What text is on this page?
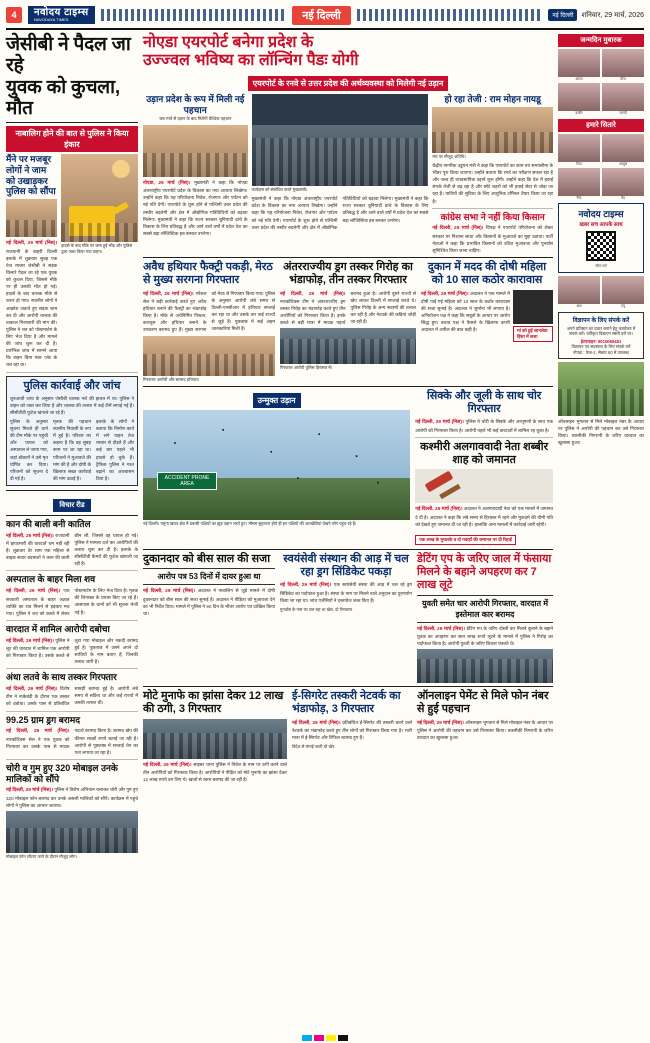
4	नवोदय टाइम्स
NAVODAYA TIMES	नई दिल्ली	नई दिल्ली	शनिवार, 29 मार्च, 2026
जेसीबी ने पैदल जा रहे
युवक को कुचला, मौत
नाबालिग होने की बात से पुलिस ने किया इंकार
मैंने पर मजबूर लोगों ने जाम को उखाड़कर पुलिस को सौंपा
नई दिल्ली, 29 मार्च (निस)। राजधानी के बाहरी दिल्ली इलाके में शुक्रवार सुबह एक तेज रफ्तार जेसीबी ने सड़क किनारे पैदल जा रहे एक युवक को कुचल दिया, जिससे मौके पर ही उसकी मौत हो गई। हादसे के बाद चालक मौके से फरार हो गया। स्थानीय लोगों ने आक्रोश जताते हुए सड़क जाम कर दी और आरोपी चालक की तत्काल गिरफ्तारी की मांग की। पुलिस ने शव को पोस्टमार्टम के लिए भेज दिया है और मामले की जांच शुरू कर दी है। प्रारंभिक जांच में सामने आया कि वाहन बिना नंबर प्लेट के चल रहा था।
हादसे के बाद मौके पर जमा हुई भीड़ और पुलिस द्वारा जब्त किया गया वाहन।
पुलिस कार्रवाई और जांच
शुरुआती जांच के अनुसार जेसीबी चालक नशे की हालत में था। पुलिस ने वाहन को जब्त कर लिया है और चालक की तलाश में कई टीमें लगाई गई हैं। सीसीटीवी फुटेज खंगाले जा रहे हैं।
पुलिस के अनुसार सूचना मिलते ही थाने की टीम मौके पर पहुंची और घायल को अस्पताल ले जाया गया, जहां डॉक्टरों ने उसे मृत घोषित कर दिया। परिजनों को सूचना दे दी गई है।
मृतक की पहचान स्थानीय निवासी के रूप में हुई है। परिवार का कहना है कि वह सुबह काम पर जा रहा था। परिजनों ने मुआवजे की मांग की है और दोषी के खिलाफ सख्त कार्रवाई की मांग उठाई है।
इलाके के लोगों ने बताया कि निर्माण कार्य में लगे वाहन तेज रफ्तार से दौड़ते हैं और कई बार पहले भी हादसे हो चुके हैं। ट्रैफिक पुलिस ने गश्त बढ़ाने का आश्वासन दिया है।
विचार रीड
कान की बाली बनी कातिल
नई दिल्ली, 29 मार्च (निस)। राजधानी में झपटमारी की वारदातें थम नहीं रही हैं। शुक्रवार देर शाम एक महिला से बाइक सवार बदमाशों ने कान की बाली छीन ली, जिससे वह घायल हो गई। पुलिस ने मामला दर्ज कर आरोपियों की तलाश शुरू कर दी है। इलाके के सीसीटीवी कैमरों की फुटेज खंगाली जा रही है।
अस्पताल के बाहर मिला शव
नई दिल्ली, 29 मार्च (निस)। एक सरकारी अस्पताल के बाहर अज्ञात व्यक्ति का शव मिलने से हड़कंप मच गया। पुलिस ने शव को कब्जे में लेकर पोस्टमार्टम के लिए भेज दिया है। मृतक की शिनाख्त के प्रयास किए जा रहे हैं। आसपास के थानों को भी सूचना भेजी गई है।
वारदात में शामिल आरोपी दबोचा
नई दिल्ली, 29 मार्च (निस)। पुलिस ने लूट की वारदात में शामिल एक आरोपी को गिरफ्तार किया है। उसके कब्जे से लूटा गया मोबाइल और नकदी बरामद हुई है। पूछताछ में उसने अपने दो साथियों के नाम बताए हैं, जिनकी तलाश जारी है।
अंधा लतवे के साथ तस्कर गिरफ्तार
नई दिल्ली, 29 मार्च (निस)। विशेष टीम ने नाकेबंदी के दौरान एक तस्कर को दबोचा। उसके पास से प्रतिबंधित सामग्री बरामद हुई है। आरोपी लंबे समय से सक्रिय था और कई राज्यों में उसकी तलाश थी।
99.25 ग्राम ड्रग बरामद
नई दिल्ली, 29 मार्च (निस)। नारकोटिक्स सेल ने एक युवक को गिरफ्तार कर उसके पास से मादक पदार्थ बरामद किया है। बरामद खेप की कीमत लाखों रुपये बताई जा रही है। आरोपी से पूछताछ में सप्लाई चेन का पता लगाया जा रहा है।
चोरी व गुम हुए 320 मोबाइल उनके मालिकों को सौंपे
नई दिल्ली, 29 मार्च (निस)। पुलिस ने विशेष अभियान चलाकर चोरी और गुम हुए 320 मोबाइल फोन बरामद कर उनके असली मालिकों को सौंपे। कार्यक्रम में पहुंचे लोगों ने पुलिस का आभार जताया।
मोबाइल फोन लौटाए जाने के दौरान मौजूद लोग।
नोएडा एयरपोर्ट बनेगा प्रदेश के
उज्ज्वल भविष्य का लॉन्चिंग पैडः योगी
एयरपोर्ट के रनवे से उत्तर प्रदेश की अर्थव्यवस्था को मिलेगी नई उड़ान
उड़ान प्रदेश के रूप में मिली नई पहचान
जब रनवे से उड़ान के बाद मिलेगी वैश्विक पहचान
नोएडा, 29 मार्च (निस)। मुख्यमंत्री ने कहा कि नोएडा अंतरराष्ट्रीय एयरपोर्ट प्रदेश के विकास का नया अध्याय लिखेगा। उन्होंने कहा कि यह परियोजना निवेश, रोजगार और पर्यटन को नई गति देगी। एयरपोर्ट के शुरू होने से पश्चिमी उत्तर प्रदेश की तस्वीर बदलेगी और क्षेत्र में औद्योगिक गतिविधियों को बढ़ावा मिलेगा। मुख्यमंत्री ने कहा कि राज्य सरकार बुनियादी ढांचे के विकास के लिए प्रतिबद्ध है और आने वाले वर्षों में प्रदेश देश का सबसे बड़ा लॉजिस्टिक हब बनकर उभरेगा।
कार्यक्रम को संबोधित करते मुख्यमंत्री।
मुख्यमंत्री ने कहा कि नोएडा अंतरराष्ट्रीय एयरपोर्ट प्रदेश के विकास का नया अध्याय लिखेगा। उन्होंने कहा कि यह परियोजना निवेश, रोजगार और पर्यटन को नई गति देगी। एयरपोर्ट के शुरू होने से पश्चिमी उत्तर प्रदेश की तस्वीर बदलेगी और क्षेत्र में औद्योगिक गतिविधियों को बढ़ावा मिलेगा। मुख्यमंत्री ने कहा कि राज्य सरकार बुनियादी ढांचे के विकास के लिए प्रतिबद्ध है और आने वाले वर्षों में प्रदेश देश का सबसे बड़ा लॉजिस्टिक हब बनकर उभरेगा।
हो रहा तेजी : राम मोहन नायडू
मंच पर मौजूद अतिथि।
केंद्रीय नागरिक उड्डयन मंत्री ने कहा कि एयरपोर्ट का काम तय समयसीमा के भीतर पूरा किया जाएगा। उन्होंने बताया कि रनवे का परीक्षण सफल रहा है और जल्द ही व्यावसायिक उड़ानें शुरू होंगी। उन्होंने कहा कि देश में हवाई संपर्क तेजी से बढ़ रहा है और छोटे शहरों को भी हवाई सेवा से जोड़ा जा रहा है। यात्रियों की सुविधा के लिए आधुनिक टर्मिनल तैयार किया जा रहा है।
कांग्रेस सभा ने नहीं किया किसान
नई दिल्ली, 29 मार्च (निस)। विपक्ष ने एयरपोर्ट परियोजना को लेकर सरकार पर निशाना साधा और किसानों के मुआवजे का मुद्दा उठाया। पार्टी नेताओं ने कहा कि प्रभावित किसानों को उचित मुआवजा और पुनर्वास सुनिश्चित किया जाना चाहिए।
अवैध हथियार फैक्ट्री पकड़ी, मेरठ से मुख्य सरगना गिरफ्तार
नई दिल्ली, 29 मार्च (निस)। स्पेशल सेल ने बड़ी कार्रवाई करते हुए अवैध हथियार बनाने की फैक्ट्री का भंडाफोड़ किया है। मौके से अर्धनिर्मित पिस्टल, कारतूस और हथियार बनाने के उपकरण बरामद हुए हैं। मुख्य सरगना को मेरठ से गिरफ्तार किया गया। पुलिस के अनुसार आरोपी लंबे समय से दिल्ली-एनसीआर में हथियार सप्लाई कर रहा था और उसके तार कई राज्यों से जुड़े हैं। पूछताछ में कई अहम जानकारियां मिली हैं।
गिरफ्तार आरोपी और बरामद हथियार।
अंतरराज्यीय ड्रग तस्कर गिरोह का भंडाफोड़, तीन तस्कर गिरफ्तार
नई दिल्ली, 29 मार्च (निस)। नारकोटिक्स टीम ने अंतरराज्यीय ड्रग तस्कर गिरोह का भंडाफोड़ करते हुए तीन आरोपियों को गिरफ्तार किया है। इनके कब्जे से बड़ी मात्रा में मादक पदार्थ बरामद हुआ है। आरोपी दूसरे राज्यों से खेप लाकर दिल्ली में सप्लाई करते थे। पुलिस गिरोह के अन्य सदस्यों की तलाश कर रही है और नेटवर्क की कड़ियां जोड़ी जा रही हैं।
गिरफ्तार आरोपी पुलिस हिरासत में।
दुकान में मदद की दोषी महिला को 10 साल कठोर कारावास
नई दिल्ली, 29 मार्च (निस)। अदालत ने एक मामले में दोषी पाई गई महिला को 10 साल के कठोर कारावास की सजा सुनाई है। अदालत ने जुर्माना भी लगाया है। अभियोजन पक्ष ने कहा कि सबूतों के आधार पर आरोप सिद्ध हुए। बचाव पक्ष ने फैसले के खिलाफ ऊपरी अदालत में अपील की बात कही है।	मां को हुई जानलेवा हिंसा में सजा
उन्मुक्त उड़ान
ACCIDENT PRONE AREA
नई दिल्ली। यमुना खादर क्षेत्र में प्रवासी पक्षियों का झुंड उड़ान भरते हुए। मौसम सुहावना होते ही इन पक्षियों की अठखेलियां देखने लोग पहुंच रहे हैं।
सिक्के और जूली के साथ चोर गिरफ्तार
नई दिल्ली, 29 मार्च (निस)। पुलिस ने चोरी के सिक्के और आभूषणों के साथ एक आरोपी को गिरफ्तार किया है। आरोपी पहले भी कई वारदातों में शामिल रह चुका है।
कश्मीरी अलगाववादी नेता शब्बीर शाह को जमानत
नई दिल्ली, 29 मार्च (निस)। अदालत ने अलगाववादी नेता को एक मामले में जमानत दे दी है। अदालत ने कहा कि लंबे समय से हिरासत में रहने और मुकदमे की धीमी गति को देखते हुए जमानत दी जा रही है। हालांकि अन्य मामलों में कार्रवाई जारी रहेगी।
एक लाख के मुचलके व दो गवाहों की जमानत पर दी रिहाई
दुकानदार को बीस साल की सजा
आरोप पत्र 53 दिनों में दायर हुआ था
नई दिल्ली, 29 मार्च (निस)। अदालत ने नाबालिग से जुड़े मामले में दोषी दुकानदार को बीस साल की सजा सुनाई है। अदालत ने पीड़िता को मुआवजा देने का भी निर्देश दिया। मामले में पुलिस ने 90 दिन के भीतर आरोप पत्र दाखिल किया था।
स्वयंसेवी संस्थान की आड़ में चल रहा ड्रग सिंडिकेट पकड़ा
नई दिल्ली, 29 मार्च (निस)। एक स्वयंसेवी संस्था की आड़ में चल रहे ड्रग सिंडिकेट का पर्दाफाश हुआ है। संस्था के नाम पर मिलने वाले अनुदान का दुरुपयोग किया जा रहा था। जांच एजेंसियों ने दस्तावेज जब्त किए हैं।
पुनर्वास के नाम पर चल रहा था खेल, दो गिरफ्तार
डेटिंग एप के जरिए जाल में फंसाया मिलने के बहाने अपहरण कर 7 लाख लूटे
युवती समेत चार आरोपी गिरफ्तार, वारदात में इस्तेमाल कार बरामद
नई दिल्ली, 29 मार्च (निस)। डेटिंग एप के जरिए दोस्ती कर मिलने बुलाने के बहाने युवक का अपहरण कर सात लाख रुपये लूटने के मामले में पुलिस ने गिरोह का पर्दाफाश किया है। आरोपी युवती के जरिए शिकार फंसाते थे।
मोटे मुनाफे का झांसा देकर 12 लाख की ठगी, 3 गिरफ्तार
नई दिल्ली, 29 मार्च (निस)। साइबर थाना पुलिस ने निवेश के नाम पर ठगी करने वाले तीन आरोपियों को गिरफ्तार किया है। आरोपियों ने पीड़ित को मोटे मुनाफे का झांसा देकर 12 लाख रुपये ठग लिए थे। खातों से रकम बरामद की जा रही है।
ई-सिगरेट तस्करी नेटवर्क का भंडाफोड़, 3 गिरफ्तार
नई दिल्ली, 29 मार्च (निस)। प्रतिबंधित ई-सिगरेट की तस्करी करने वाले नेटवर्क का भंडाफोड़ करते हुए तीन लोगों को गिरफ्तार किया गया है। भारी मात्रा में ई-सिगरेट और रिफिल बरामद हुए हैं।
विदेश से मंगाई जाती थी खेप
ऑनलाइन पेमेंट से मिले फोन नंबर से हुई पहचान
नई दिल्ली, 29 मार्च (निस)। ऑनलाइन भुगतान से मिले मोबाइल नंबर के आधार पर पुलिस ने आरोपी की पहचान कर उसे गिरफ्तार किया। तकनीकी निगरानी के जरिए वारदात का खुलासा हुआ।
जन्मदिन मुबारक
आरव	मीरा
कबीर	सान्वी
हमारे सितारे
रिया	आयुष
नैना	वेद
नवोदय टाइम्स
खबर सच आपके साथ
स्कैन करें
अंश	तनु
विज्ञापन के लिए संपर्क करें
अपने प्रतिष्ठान का प्रचार कराने हेतु कार्यालय में संपर्क करें। वर्गीकृत विज्ञापन सस्ती दरों पर।
हेल्पलाइन: 9015065481
विज्ञापन एवं सदस्यता के लिए संपर्क करें
नोएडा : फेज़-2, सेक्टर 60 में उपलब्ध
ऑनलाइन भुगतान से मिले मोबाइल नंबर के आधार पर पुलिस ने आरोपी की पहचान कर उसे गिरफ्तार किया। तकनीकी निगरानी के जरिए वारदात का खुलासा हुआ।
